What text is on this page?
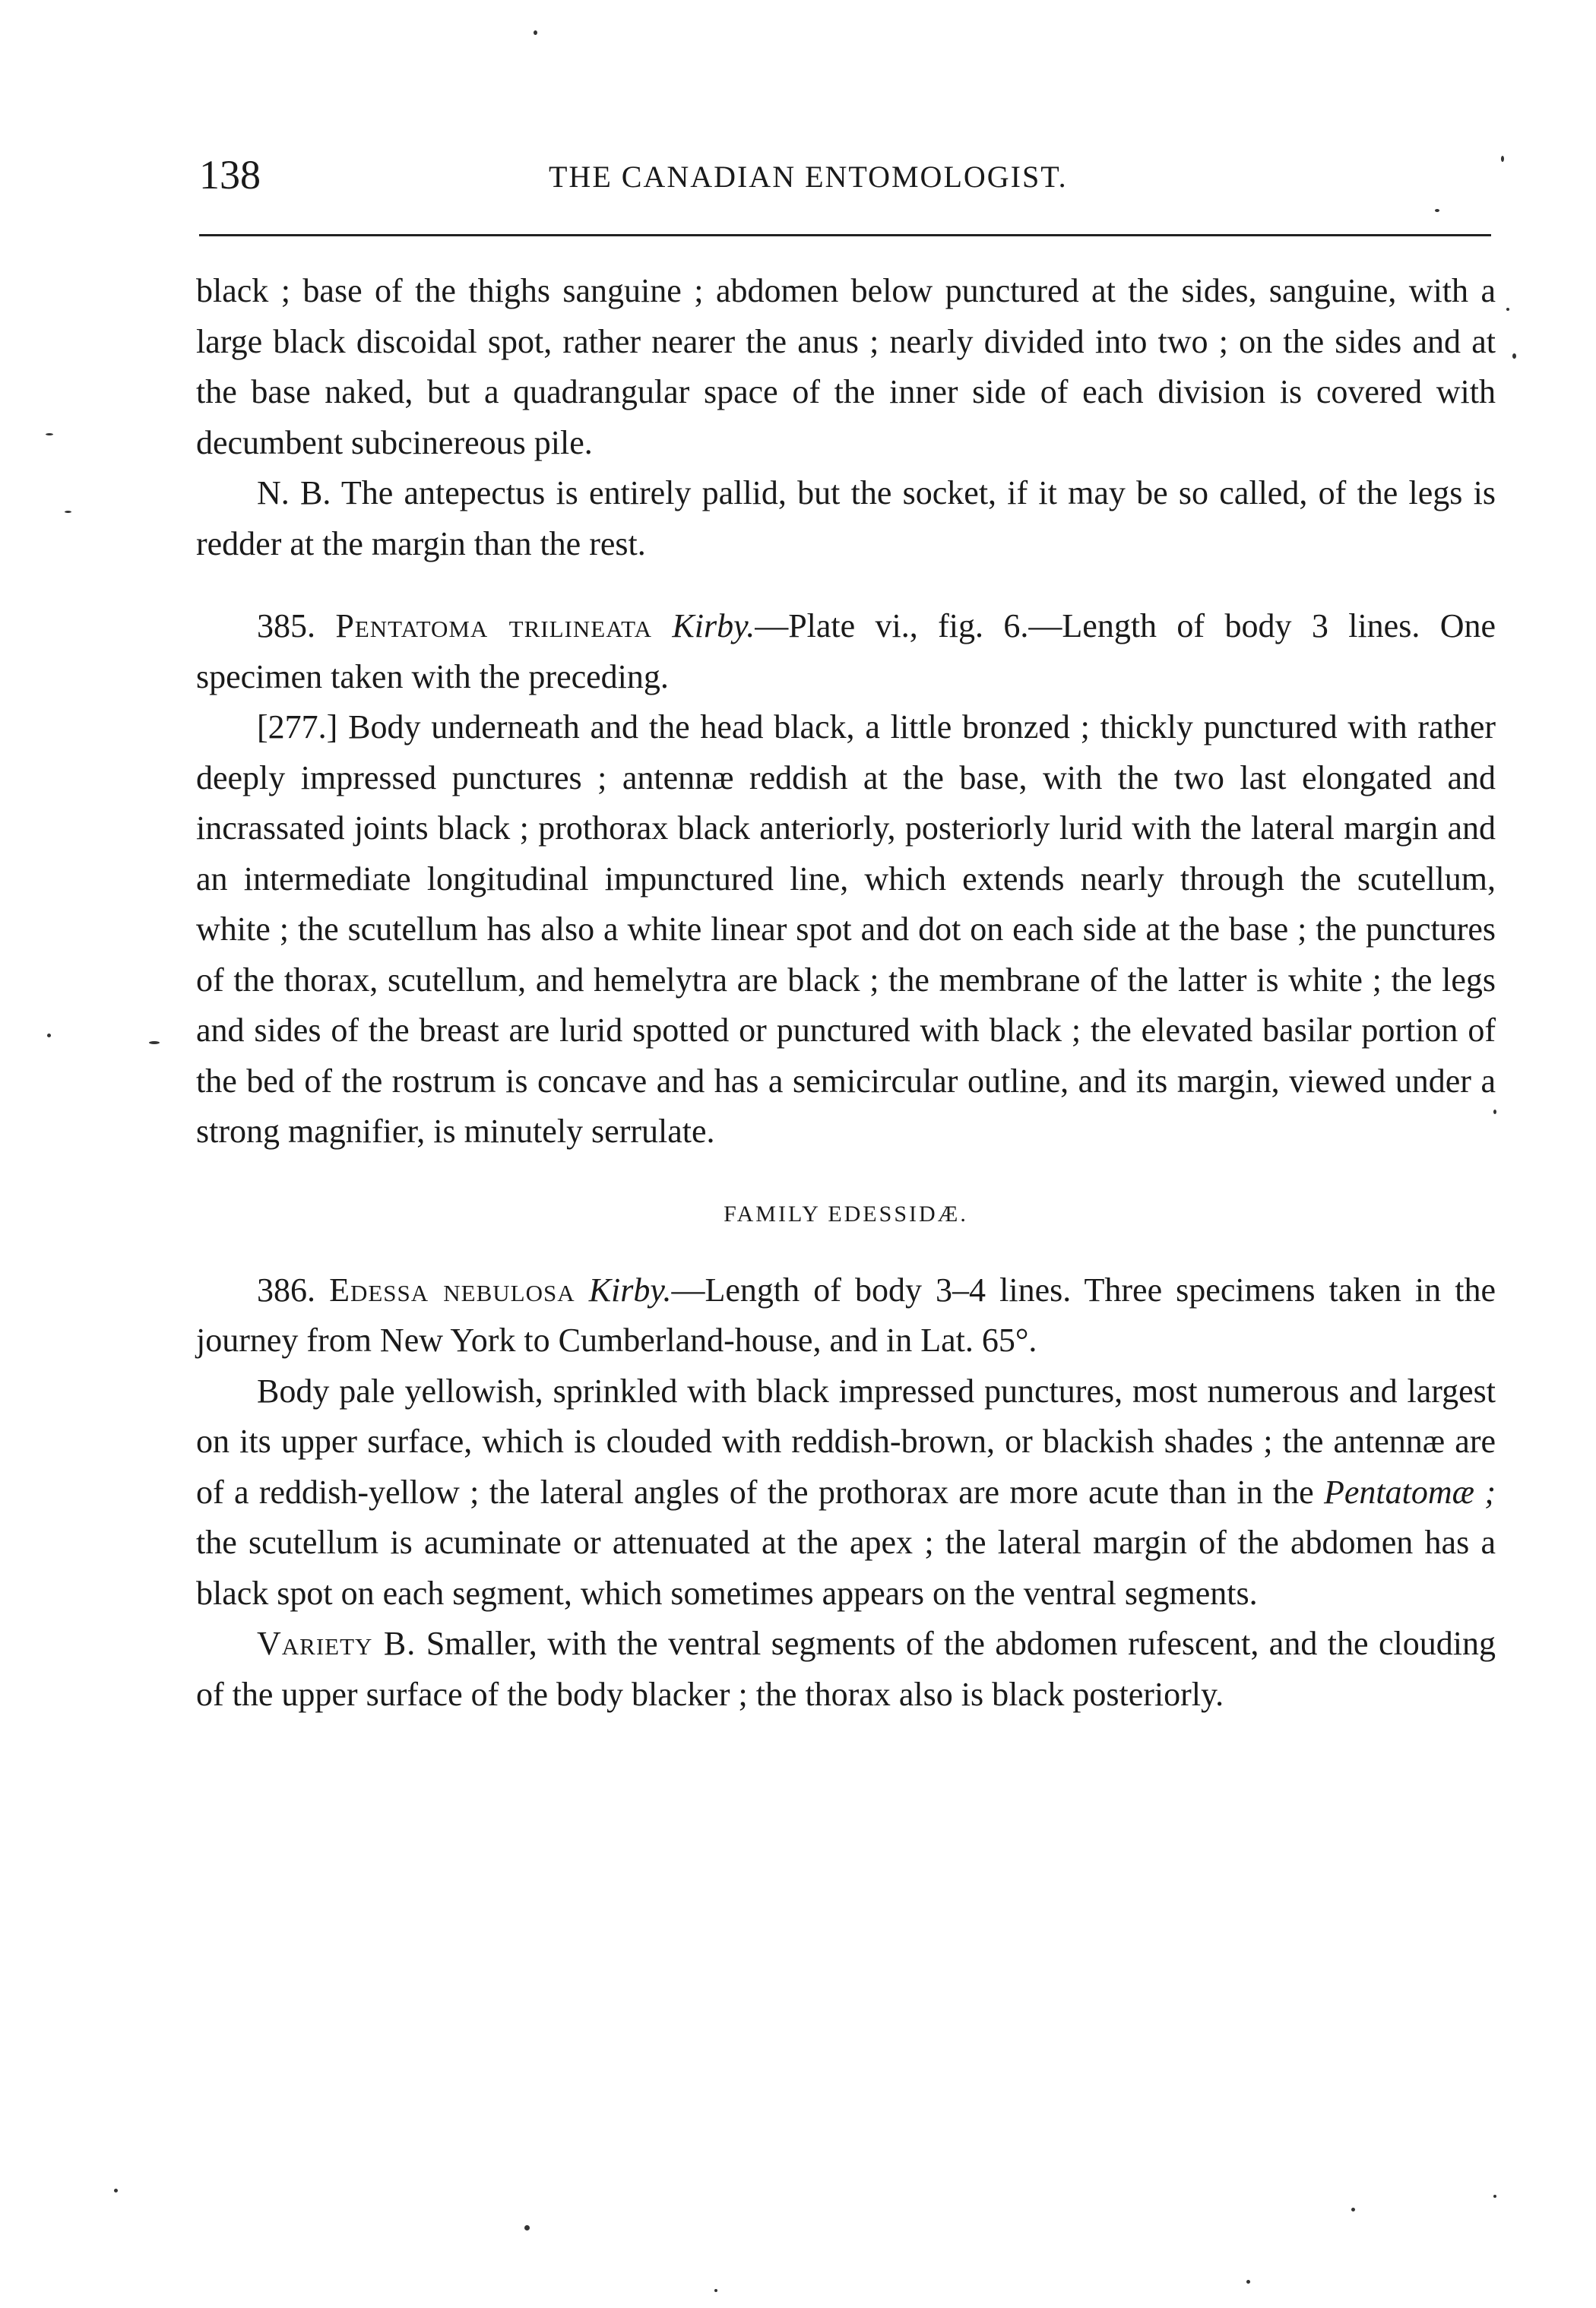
138	THE CANADIAN ENTOMOLOGIST.

black ; base of the thighs sanguine ; abdomen below punctured at the sides, sanguine, with a large black discoidal spot, rather nearer the anus ; nearly divided into two ; on the sides and at the base naked, but a quadrangular space of the inner side of each division is covered with decumbent subcinereous pile.

N. B. The antepectus is entirely pallid, but the socket, if it may be so called, of the legs is redder at the margin than the rest.

385. Pentatoma trilineata Kirby.—Plate vi., fig. 6.—Length of body 3 lines. One specimen taken with the preceding.

[277.] Body underneath and the head black, a little bronzed ; thickly punctured with rather deeply impressed punctures ; antennæ reddish at the base, with the two last elongated and incrassated joints black ; prothorax black anteriorly, posteriorly lurid with the lateral margin and an intermediate longitudinal impunctured line, which extends nearly through the scutellum, white ; the scutellum has also a white linear spot and dot on each side at the base ; the punctures of the thorax, scutellum, and hemelytra are black ; the membrane of the latter is white ; the legs and sides of the breast are lurid spotted or punctured with black ; the elevated basilar portion of the bed of the rostrum is concave and has a semicircular outline, and its margin, viewed under a strong magnifier, is minutely serrulate.

FAMILY EDESSIDÆ.

386. Edessa nebulosa Kirby.—Length of body 3–4 lines. Three specimens taken in the journey from New York to Cumberland-house, and in Lat. 65°.

Body pale yellowish, sprinkled with black impressed punctures, most numerous and largest on its upper surface, which is clouded with reddish-brown, or blackish shades ; the antennæ are of a reddish-yellow ; the lateral angles of the prothorax are more acute than in the Pentatomæ ; the scutellum is acuminate or attenuated at the apex ; the lateral margin of the abdomen has a black spot on each segment, which sometimes appears on the ventral segments.

Variety B. Smaller, with the ventral segments of the abdomen rufescent, and the clouding of the upper surface of the body blacker ; the thorax also is black posteriorly.
